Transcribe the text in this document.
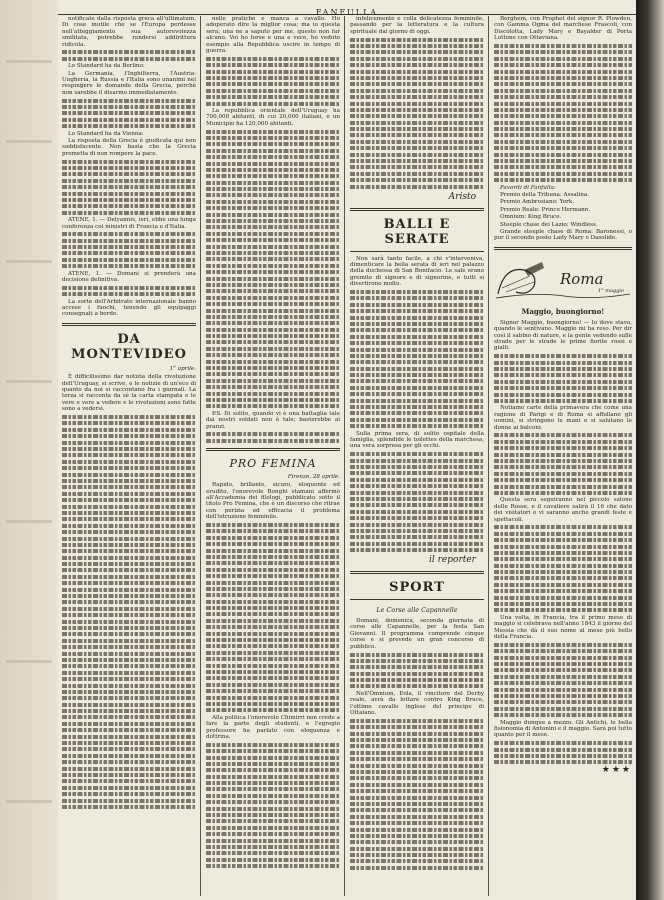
FANFULLA

notificate dalla risposta greca all'ultimatum. Di cose inutile che se l'Europa perdesse nell'atteggiamento sua autorevolezza smilitata, potrebbe rendersi addirittura ridicola.

Lo Standard ha da Berlino:

La Germania, l'Inghilterra, l'Austria-Ungheria, la Russia e l'Italia sono unanimi nel respingere le domande della Grecia, perchè non sarebbe il disarmo immediatamente.

Lo Standard ha da Vienna:

La risposta della Grecia è giudicata qui non soddisfacente. Non basta che la Grecia prometta di non rompere la pace.

ATENE, 1. — Delyannis, ieri, ebbe una lunga conferenza coi ministri di Francia e d'Italia.

ATENE, 1. — Domani si prenderà una decisione definitiva.

La sorte dell'Arbitrato internazionale banno accese i fuochi, tenendo gli equipaggi consegnati a bordo.

DA MONTEVIDEO
1° aprile.

È difficilissimo dar notizia della rivoluzione dell'Uruguay, si scrive, e le notizie di un'eco di quanto da noi si raccontano fra i giornali. La terza si racconta da sè la carta stampata e le vere e vere a vedere e le rivoluzioni sono fatte sono a vedersi.

nelle pratiche e manca a cavallo. Ho adoperato dire la miglior cosa; ma io questa sera; una ne a saputo per me, queste non far alcuno. Voi ho forse e una e vece, ho veduto esempio alla Repubblica uscire in tempo di guerra.

La repubblica orientale dell'Uruguay ha 700,000 abitanti, di cui 20,000 italiani, e un Municipio ha 120,000 abitanti.

P.S. Di solito, quando vi è una battaglia tale dai nostri soldati non è tale; basterebbe ai pranzi.

PRO FEMINA
Firenze, 28 aprile.

Rapido, brillante, sicuro, eloquente ed erudito, l'onorevole Bonghi stamani affermò all'Accademia dei filologi, pubblicato sotto il titolo Pro Femina, che è un discorso che ritrae con perizia ed efficacia il problema dell'istruzione femminile.

Alla politica l'onorevole Chimirri non crede a fare la parte degli studenti, e l'egregio professore ha parlato con eloquenza e dottrina.

infelicemente e colla delicatezza femminile, passando per la letteratura e la cultura spirituale dal giorno di oggi.

Aristo
BALLI E SERATE

Non sarà tanto facile, a chi v'interveniva, dimenticare la bella serata di ieri nel palazzo della duchessa di San Bonifacio. Le sale erano gremite di signore e di signorine, e tutti si divertirono molto.

Sulla prima sera, di solito ospitale della famiglia, splendide le toilettes della marchesa, una vera sorpresa per gli occhi.

il reporter
SPORT
Le Corse alle Capannelle

Domani, domenica, seconda giornata di corse alle Capannelle, per la festa San Giovanni. Il programma comprende cinque corse e si prevede un gran concorso di pubblico.

Nell'Omnium, Eola, il vincitore del Derby reale, avrà da lottare contro King Bruce, l'ottimo cavallo inglese del principe di Ottaiano.

Berghem, con Prophet del signor R. Plowden, con Gamma Ogma del marchese Frascoli, con Discolotta, Lady Mary e Bayalder di Porta Lottone con Ottaviana.

Favoriti di Fanfulla:

Premio della Tribuna: Assalina.

Premio Ambrosiano: York.

Premio Reale: Prince Hermann.

Omnium: King Bruce.

Steeple chase dei Lazio: Windless.

Grande steeple chase di Roma: Baronessi, o pur il secondo posto Lady Mary o Dasolide.

Roma
1° maggio
Maggio, buongiorno!

Signor Maggio, buongiorno! — Io dove stavo, quando le sentivano. Maggio mi ha reso. Per dir così il sabbio di nature, e la gente vedendo sulle strade per le strade le prime fiorite rossi e gialli.

Notiamo carte della primavera che come una ragione di Parigi e di Roma si affollano gli uomini, si stringono le mani e si salutano le donne ai balconi.

Questa sera seguiranno nel piccolo salone delle Rosse, e il cavaliere salirà il 16 che dato dei visitatori e vi saranno anche grandi feste e spettacoli.

Una volta, in Francia, tra il primo mese di maggio si celebrava nell'anno 1843 il giorno del Messia che dà il suo nome al mese più bello della Francia.

Maggio dunque a mezzo. Gli Antichi, le bella fisionomia di Antonini e il maggio. Sarà poi tutto quanto per il mese.

★★★
